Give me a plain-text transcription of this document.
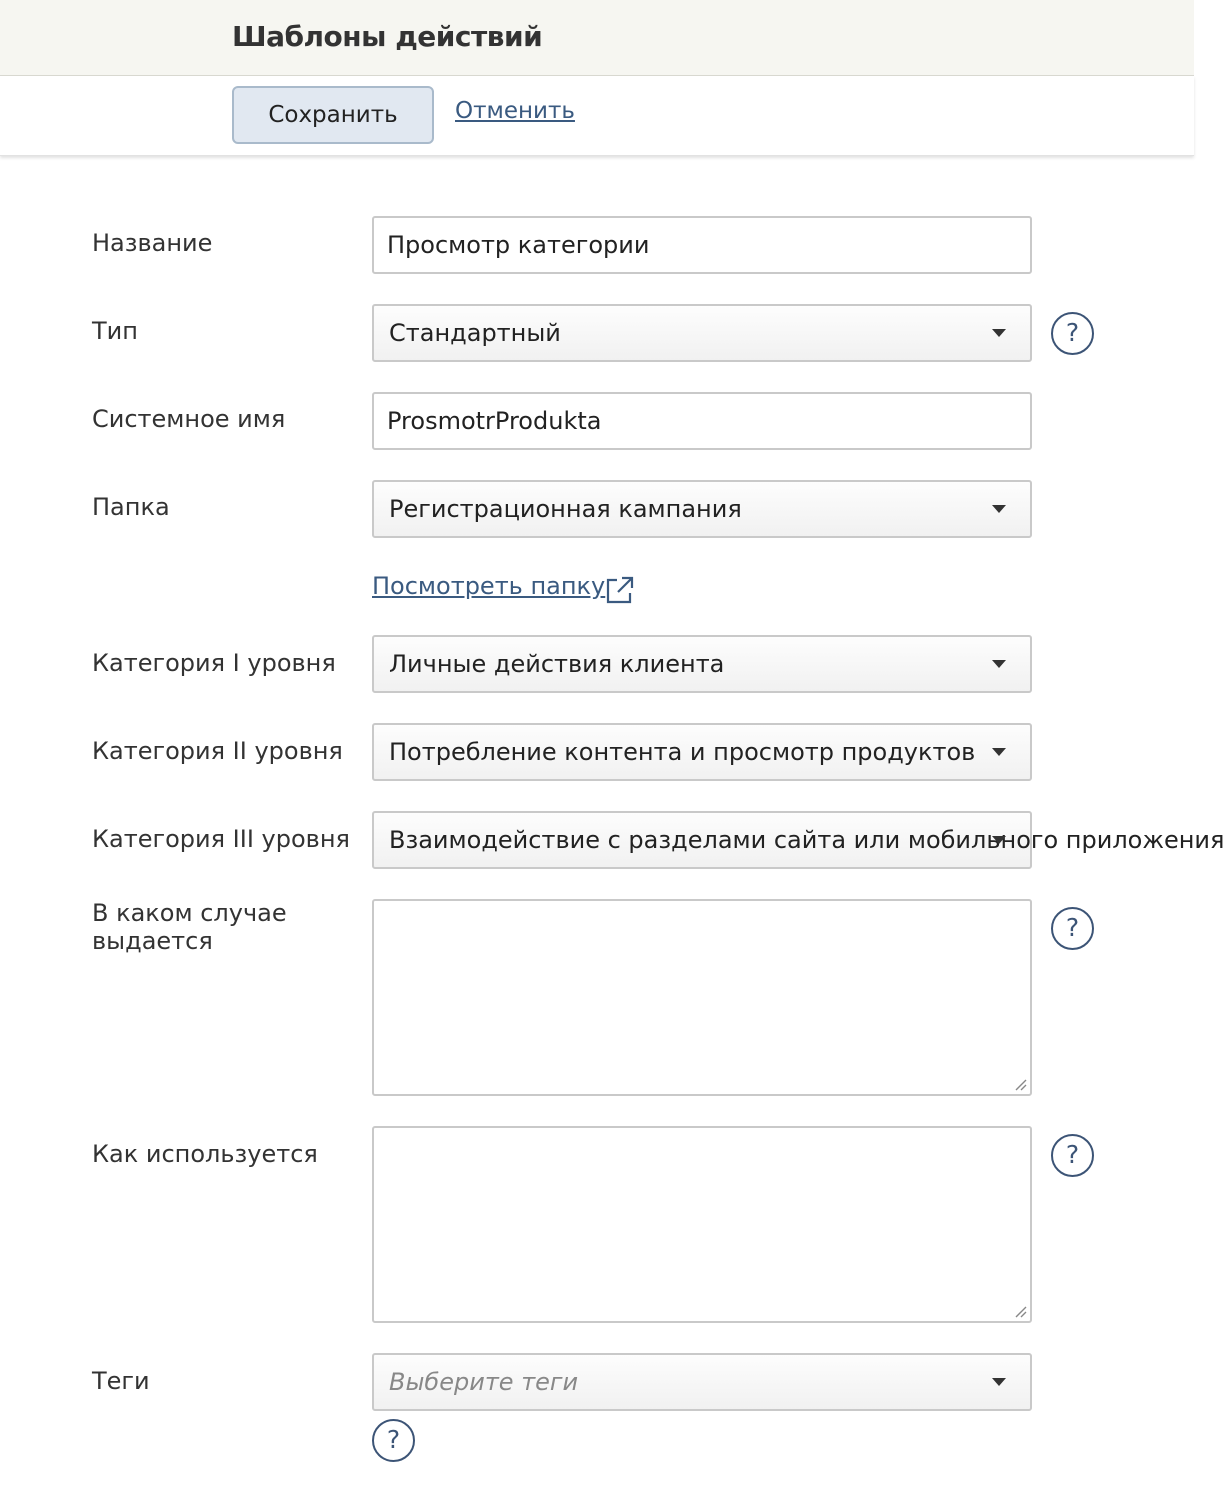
Шаблоны действий
Сохранить	Отменить
Название	Просмотр категории
Тип	Стандартный	?
Системное имя	ProsmotrProdukta
Папка	Регистрационная кампания
Посмотреть папку
Категория I уровня	Личные действия клиента
Категория II уровня	Потребление контента и просмотр продуктов
Категория III уровня	Взаимодействие с разделами сайта или мобильного приложения
В каком случае выдается	?
Как используется	?
Теги	Выберите теги
?
